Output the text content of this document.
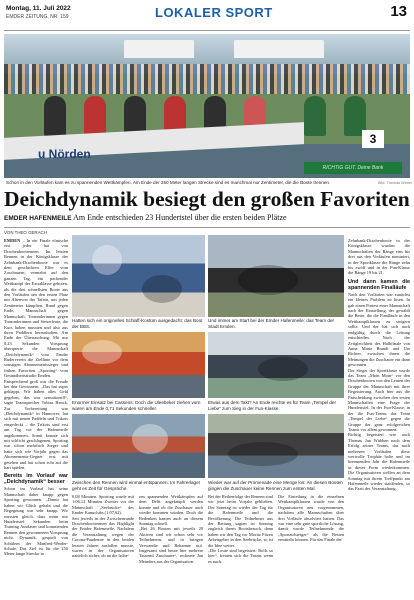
Montag, 11. Juli 2022
EMDER ZEITUNG, NR. 159	LOKALER SPORT	13
u Nörden
3
RICHTIG GUT. Deine Bank
Schon in den Vorläufen kam es zu spannenden Wettkämpfen. Am Ende der 250 Meter langen Strecke sind es manchmal nur Zentimeter, die die Boote trennen.	Bild: Thomas Winter
Deichdynamik besiegt den großen Favoriten
EMDER HAFENMEILE Am Ende entschieden 23 Hundertstel über die ersten beiden Plätze
VON THEO GERACH
EMDEN – In ein Finale elmische erst jeder hat von Drachenbootrennen. Im letzten Rennen in der Königsklasse der Zehnbank-Drachenboote war es dem geschickten Elfer vom Zuschauern, vermehrt auf den ganzen Tag, ein packender Wettkampf der Extraklasse geboten, als die drei schnellsten Boote aus den Vorläufen um den ersten Platz mit Altenvon der Tafern, um jeden Zentimeter kämpften. Rund gegen Ende, Mannschaft gegen Mannschaft, Trommlerinnen gegen Trommlerinnen und Steuerleute, die Kurs halten mussten und also aus ihren Paddlern herausholten. Am Ende der Überraschung: Mit nur 0,23 Sekunden Vorsprung überquerte die Mannschaft „Deichdynamik“ vom Emder Ruderverein die Ziellinie vor dem sonstigen Abonnementssieger und frühen Favoriten „Sporting“ vom Gesundheitsstudio Emden.
Entsprechend groß war die Freude bei den Gewinnern. „Das hat super geklappt. Wir haben alles Geld gegeben, das war sensationell“, sagte Teamsprecher Tobias Henck. Zur Vorbereitung war „Deichdynamik“ in Hannover, hat sich mit neuen Paddeln und Trikots eingedeckt – die Trikots sind erst am Tag vor der Hafenmeile angekommen. Somit konnte sich mit schlicht geschlagenen, Sporting war schon mehrfach Sieger und hatte sich wie Vorjahr gegen das Abonnements-Gegner erst mit gesehen und hat schon echt auf die hart spielen.
Bereits im Vorlauf war „Deichdynamik“ besser
Schon im Vorlauf hat seine Mannschaft daher knapp gegen Sporting gewonnen. „Damit hat haben wir Glück gehabt und die Begegnung war sehr knapp. Wir wussten gleich, dass wenn nur Hundertstel Sekunden beim Training Ausdauer und kommenden Rennen den gewonnenen Vorsprung nicht. Dynamik, gespielt von Schülern der Manfred-Werder-Schule. Das Ziel ist für die 250 Meter lange Strecke in
Hatten sich ein originelles Schlaff-Kostüm ausgedacht: das Boot der BBS.
Und immer am Start bei der Emder Hafenmeile: das Team der Stadt Emden.
Enormer Einsatz bei Cassens: Doch die Uleebeker ziehen vorn waren am Ende 0,71 Sekunden schneller.
Etwas aus dem Takt? An Ende reichte es für Team „Tempel der Liebe“ zum Sieg in der Fun-Klasse.
Zwischen den Rennen wird einmal entspannen: Im Fahrerlager geht es Zeit für Gespräche.
Wieder war auf der Promenade eine Menge los: An diesen Booten gingen die Zuschauer keine Rennen zum ersten Mal.
0,08 Minuten. Sporting wurde mit 1:06,12 Minuten Zweiter vor der Mannschaft „Seebrücke“ des Emder Kanuclubs (1:07,62).
Seit jeweils in der Zwischenrunde Drachenbootrennen das Highlight der Emder Hafenmeile. Nachdem die Veranstaltung wegen der Corona-Pandemie in den beiden letzten Jahren ausfallen musste, waren in der Organisatoren natürlich sicher, ob an die frühe-
ren spannenden Wettkämpfen auf dem Delft angeknüpft werden konnte und ob die Zuschauer auch wieder kommen würden. Doch die Bedenken kamen auch an diesem Sonntag schnell.
„Bei 26 Booten mit jeweils 20 Aktiven sind wir schon sehr vor Teilnehmern, und in bringen Verwandte und Bekannte mit. Insgesamt sind heute hier mehrere Tausend Zuschauer“, rechnete Jan Meinders aus der Organisation.
Bei der Reihenfolge der Rennen sind wir jetzt beim Vorjahr geblieben. Der Sonntag ist wieder der Tag für die Hafenmeile und die Bevölkerung. Die Teilnehmer aus der Rettung sagten ist Sonntag zugleich ihrem Bootsbesuch, dann haben wir den Tag vor Moritz Fitzen Arbeitgeber in den Seebrücke, so ist die Idee weiter.
„Die Leute sind begeistert: Rolls so hier“, freuten sich die Teams wenn es auch.
Die Einteilung in die einzelnen Wettkampfklassen wurde von den Organisatoren neu vorgenommen, nachdem alle Mannschaften über drei Vorläufe absolviert hatten. Das war eine sehr gute sportliche Lösung, damit wurde Teilnehmende die „Sportaufsteiger“ als die Besten ermitteln können. Für das Finale der
Zehnbank-Drachenboote in der Königsklasse wurden die Mannschaften der Ränge eins bis drei aus den Vorläufen nominiert, in der Sportklasse die Ränge zehn bis zwölf und in der Fun-Klasse die Ränge 19 bis 21.
Und dann kamen die spannenden Finalläufe
Nach den Vorläufen war zunächst ein kleines Problem zu lösen. In gab einen Protest einer Mannschaft nach der Einstellung, der gewählt die Beste, die die Finalläufe in den Wettkampfklassen zu steigern sollte. Und der hat sich auch endgültig durch die Leitung entschieden. Nach der Zeitgleichheit des Halbfinale von Anna Marie Brandt und Ute Richter, zwischen ihnen die Meinungen die Zuschauer ein dann gewonnen.
Der Sieger der Sportklasse wurde das Team „Moin Moin“ vor den Drachenbooten von den Leuten der Gruppe der Mannschaft mit ihrer Begeisterung. Auch hier aus die Entscheidung zwischen den ersten Mannschaften eine Frage der Hundertstel. In der Fun-Klasse, in der die Fun-Teams das Team „Tempel der Liebe“ gegen die Gruppe der ganz erfolgreichen Teams vor allem gewonnen.
Richtig begeistert war auch Thomas Jan Wübben nach dem Erfolg seines Teams, das nach mehreren Vorläufen diese wertvolle Trophäe holte und im kommenden Jahr die Hafenmeile in dieser Form wiederkommen. Die Organisatoren wollen an dem Sonntag mit ihrem Treffpunkt am Hafenmeile wieder stattfinden, so das Fazit der Veranstaltung.
